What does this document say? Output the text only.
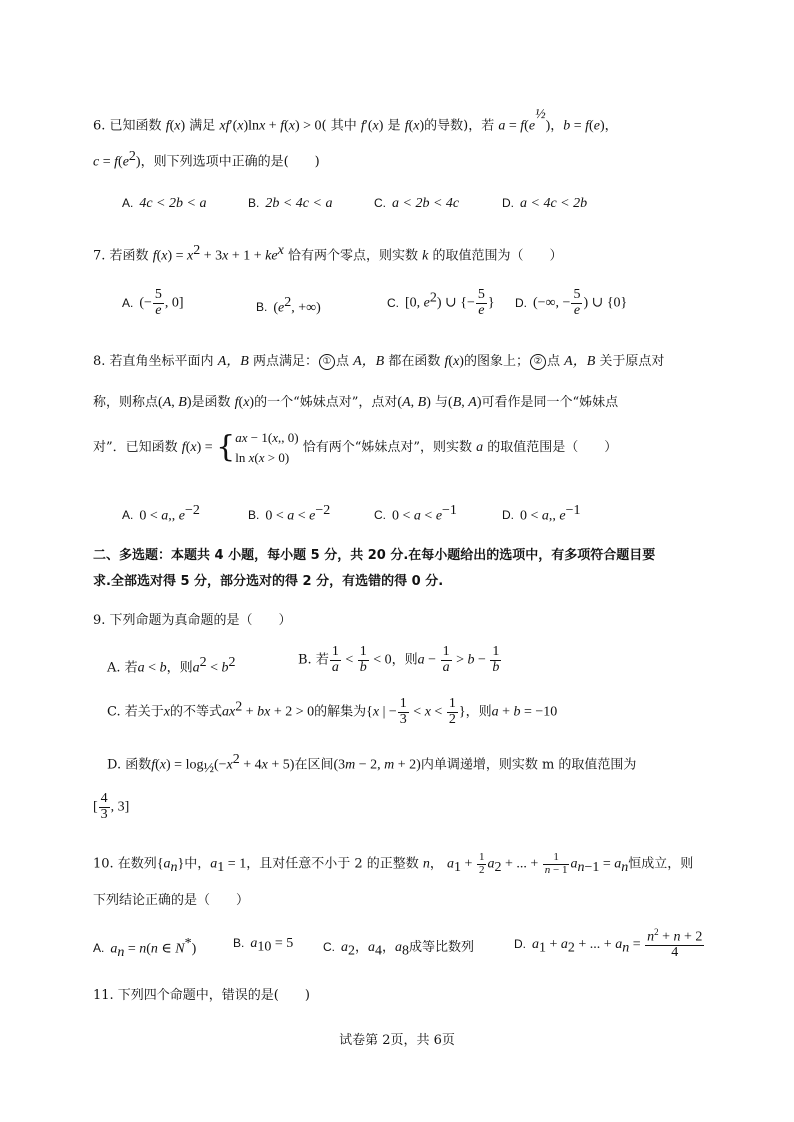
6. 已知函数 f(x) 满足 xf′(x)lnx + f(x) > 0( 其中 f′(x) 是 f(x)的导数)，若 $a = f(e^{\frac{1}{2}})$，b = f(e)，
$c = f(e^2)$，则下列选项中正确的是(　　)
A. 4c < 2b < a	B. 2b < 4c < a	C. a < 2b < 4c	D. a < 4c < 2b
7. 若函数 $f(x) = x^2 + 3x + 1 + ke^x$ 恰有两个零点，则实数 k 的取值范围为（　　）
A. (− $\frac{5}{e}$ , 0]	B. ($e^2$, +∞)	C. [0, $e^2$) ∪ {− $\frac{5}{e}$ } D. (−∞, − $\frac{5}{e}$ ) ∪ {0}
8. 若直角坐标平面内 A，B 两点满足： ① 点 A，B 都在函数 f(x)的图象上； ② 点 A，B 关于原点对
称，则称点(A, B)是函数 f(x)的一个“姊妹点对”，点对(A, B) 与(B, A)可看作是同一个“姊妹点
对”．已知函数 f(x) = { ax − 1(x,, 0)
ln x(x > 0)
恰有两个“姊妹点对”，则实数 a 的取值范围是（　　）
A. 0 < a,, $e^{-2}$	B. $0 < a < e^{-2}$	C. $0 < a < e^{-1}$	D. 0 < a,, $e^{-1}$
二、多选题：本题共 4 小题，每小题 5 分，共 20 分.在每小题给出的选项中，有多项符合题目要
求.全部选对得 5 分，部分选对的得 2 分，有选错的得 0 分.
9. 下列命题为真命题的是（　　）
A. 若a < b，则$a^2 < b^2$	B. 若 $\frac{1}{a} < \frac{1}{b} < 0$，则$a - \frac{1}{a} > b - \frac{1}{b}$
C. 若关于x的不等式$ax^2$ + bx + 2 > 0的解集为{x | − $\frac{1}{3} < x < \frac{1}{2}$ }，则a + b = −10
D. 函数$f(x) = \log_{\frac{1}{2}}(-x^2 + 4x + 5)$在区间(3m − 2, m + 2)内单调递增，则实数 m 的取值范围为
[ $\frac{4}{3}$ , 3]
10. 在数列$\{a_n\}$中，$a_1 = 1$，且对任意不小于 2 的正整数 n， $a_1 + \frac{1}{2} a_2$ + ... + $\frac{1}{n - 1} a_{n-1} = a_n$恒成立，则
下列结论正确的是（　　）
A. $a_n = n(n$ ∈ N*)	B. $a_{10} = 5$ C. $a_2$，$a_4$，$a_8$成等比数列	D. $a_1 + a_2$ + ... + $a_n = \frac{n^2 + n + 2}{4}$
11. 下列四个命题中，错误的是(　　)
试卷第 2页，共 6页
